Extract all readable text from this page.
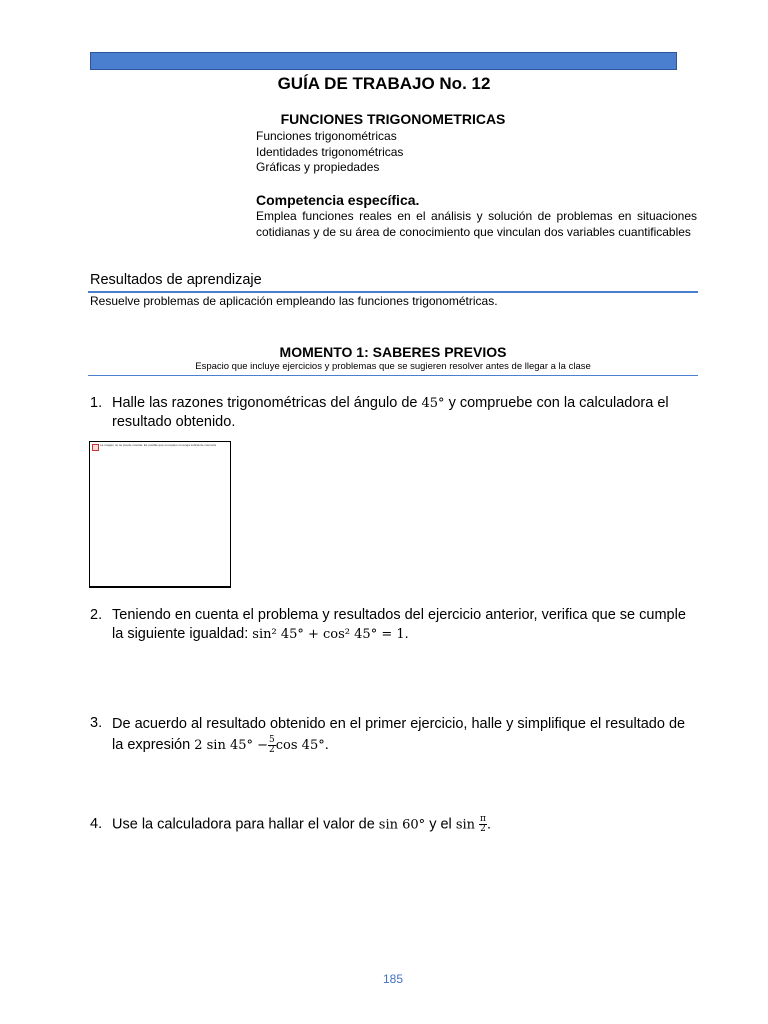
GUÍA DE TRABAJO No. 12
FUNCIONES TRIGONOMETRICAS
Funciones trigonométricas
Identidades trigonométricas
Gráficas y propiedades
Competencia específica.
Emplea funciones reales en el análisis y solución de problemas en situaciones cotidianas y de su área de conocimiento que vinculan dos variables cuantificables
Resultados de aprendizaje
Resuelve problemas de aplicación empleando las funciones trigonométricas.
MOMENTO 1: SABERES PREVIOS
Espacio que incluye ejercicios y problemas que se sugieren resolver antes de llegar a la clase
1. Halle las razones trigonométricas del ángulo de 45° y compruebe con la calculadora el resultado obtenido.
La imagen no se puede mostrar. Es posible que su equipo no tenga suficiente memoria
2. Teniendo en cuenta el problema y resultados del ejercicio anterior, verifica que se cumple la siguiente igualdad: sin² 45° + cos² 45° = 1.
3. De acuerdo al resultado obtenido en el primer ejercicio, halle y simplifique el resultado de la expresión 2 $\sin 45^\circ - \frac{5}{2}$ cos 45°.
4. Use la calculadora para hallar el valor de sin 60° y el $\sin \frac{\pi}{2}$ .
185
